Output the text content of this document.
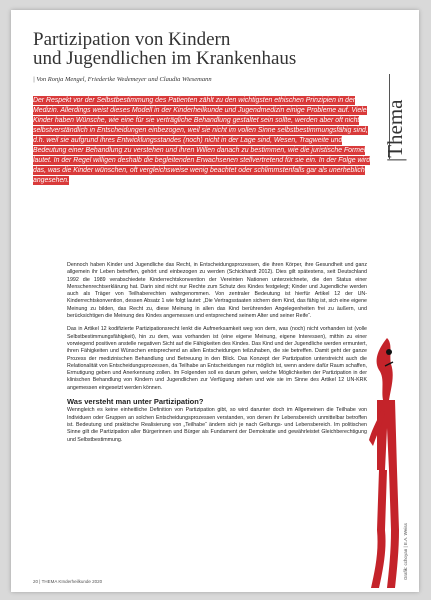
Partizipation von Kindern
und Jugendlichen im Krankenhaus
| Von Ronja Mengel, Friederike Wedemeyer und Claudia Wiesemann
|Thema
Der Respekt vor der Selbstbestimmung des Patienten zählt zu den wichtigsten ethischen Prinzipien in der Medizin. Allerdings weist dieses Modell in der Kinderheilkunde und Jugendmedizin einige Probleme auf. Viele Kinder haben Wünsche, wie eine für sie verträgliche Behandlung gestaltet sein sollte, werden aber oft nicht selbstverständlich in Entscheidungen einbezogen, weil sie nicht im vollen Sinne selbstbestimmungsfähig sind, d.h. weil sie aufgrund ihres Entwicklungsstandes (noch) nicht in der Lage sind, Wesen, Tragweite und Bedeutung einer Behandlung zu verstehen und ihren Willen danach zu bestimmen, wie die juristische Formel lautet. In der Regel willigen deshalb die begleitenden Erwachsenen stellvertretend für sie ein. In der Folge wird das, was die Kinder wünschen, oft vergleichsweise wenig beachtet oder schlimmstenfalls gar als unerheblich angesehen.

Dennoch haben Kinder und Jugendliche das Recht, in Entscheidungsprozessen, die ihren Körper, ihre Gesundheit und ganz allgemein ihr Leben betreffen, gehört und einbezogen zu werden (Schickhardt 2012). Dies gilt spätestens, seit Deutschland 1992 die 1989 verabschiedete Kinderrechtskonvention der Vereinten Nationen unterzeichnete, die den Status einer Menschenrechtserklärung hat. Darin sind nicht nur Rechte zum Schutz des Kindes festgelegt; Kinder und Jugendliche werden auch als Träger von Teilhaberechten wahrgenommen. Von zentraler Bedeutung ist hierfür Artikel 12 der UN-Kinderrechtskonvention, dessen Absatz 1 wie folgt lautet: „Die Vertragsstaaten sichern dem Kind, das fähig ist, sich eine eigene Meinung zu bilden, das Recht zu, diese Meinung in allen das Kind berührenden Angelegenheiten frei zu äußern, und berücksichtigen die Meinung des Kindes angemessen und entsprechend seinem Alter und seiner Reife“.

Das in Artikel 12 kodifizierte Partizipationsrecht lenkt die Aufmerksamkeit weg von dem, was (noch) nicht vorhanden ist (volle Selbstbestimmungsfähigkeit), hin zu dem, was vorhanden ist (eine eigene Meinung, eigene Interessen), mithin zu einer vorwiegend positiven anstelle negativen Sicht auf die Fähigkeiten des Kindes. Das Kind und der Jugendliche werden ermuntert, ihren Fähigkeiten und Wünschen entsprechend an allen Entscheidungen teilzuhaben, die sie betreffen. Damit geht der ganze Prozess der medizinischen Behandlung und Betreuung in den Blick. Das Konzept der Partizipation unterstreicht auch die Relationalität von Entscheidungsprozessen, da Teilhabe an Entscheidungen nur möglich ist, wenn andere dafür Raum schaffen, Ermutigung geben und Anerkennung zollen. Im Folgenden soll es darum gehen, welche Möglichkeiten der Partizipation in der klinischen Behandlung von Kindern und Jugendlichen zur Verfügung stehen und wie sie im Sinne des Artikel 12 UN-KRK angemessen eingesetzt werden können.

Was versteht man unter Partizipation?

Wenngleich es keine einheitliche Definition von Partizipation gibt, so wird darunter doch im Allgemeinen die Teilhabe von Individuen oder Gruppen an solchen Entscheidungsprozessen verstanden, von denen ihr Lebensbereich unmittelbar betroffen ist. Bedeutung und praktische Realisierung von „Teilhabe“ ändern sich je nach Geltungs- und Lebensbereich. Im politischen Sinne gilt die Partizipation aller Bürgerinnen und Bürger als Fundament der Demokratie und gewährleistet Gleichberechtigung und Selbstbestimmung.

Grafik: cchoyan | E.A. Weiss
20 | THEMA KInderheilkunde 2020
